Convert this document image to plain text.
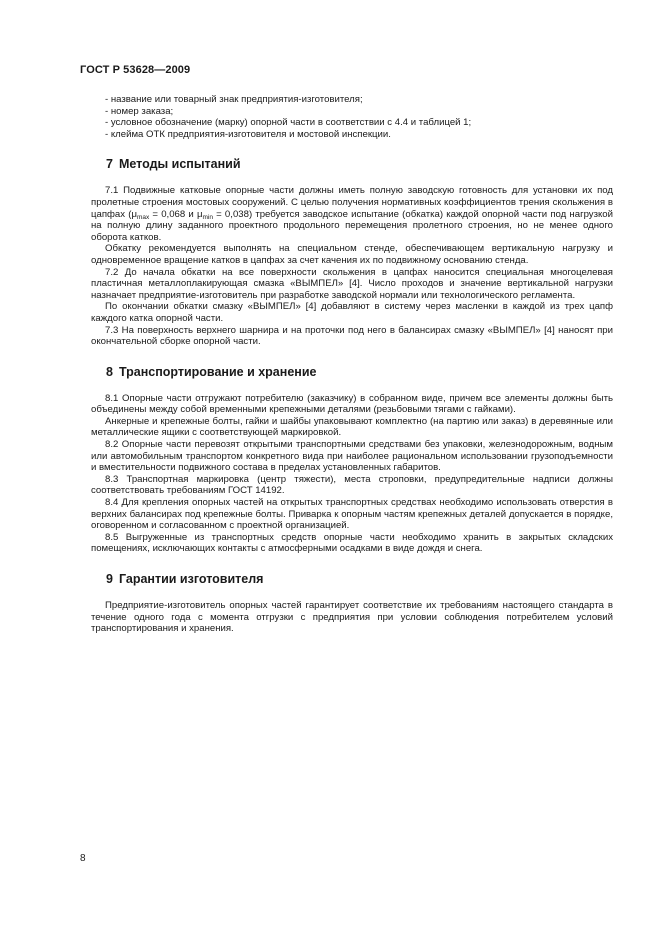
ГОСТ Р 53628—2009
- название или товарный знак предприятия-изготовителя;
- номер заказа;
- условное обозначение (марку) опорной части в соответствии с 4.4 и таблицей 1;
- клейма ОТК предприятия-изготовителя и мостовой инспекции.
7 Методы испытаний

7.1 Подвижные катковые опорные части должны иметь полную заводскую готовность для установки их под пролетные строения мостовых сооружений. С целью получения нормативных коэффициентов трения скольжения в цапфах ($\mu_{max} = 0,068$ и $\mu_{min} = 0,038$) требуется заводское испытание (обкатка) каждой опорной части под нагрузкой на полную длину заданного проектного продольного перемещения пролетного строения, но не менее одного оборота катков.

Обкатку рекомендуется выполнять на специальном стенде, обеспечивающем вертикальную нагрузку и одновременное вращение катков в цапфах за счет качения их по подвижному основанию стенда.

7.2 До начала обкатки на все поверхности скольжения в цапфах наносится специальная многоцелевая пластичная металлоплакирующая смазка «ВЫМПЕЛ» [4]. Число проходов и значение вертикальной нагрузки назначает предприятие-изготовитель при разработке заводской нормали или технологического регламента.

По окончании обкатки смазку «ВЫМПЕЛ» [4] добавляют в систему через масленки в каждой из трех цапф каждого катка опорной части.

7.3 На поверхность верхнего шарнира и на проточки под него в балансирах смазку «ВЫМПЕЛ» [4] наносят при окончательной сборке опорной части.

8 Транспортирование и хранение

8.1 Опорные части отгружают потребителю (заказчику) в собранном виде, причем все элементы должны быть объединены между собой временными крепежными деталями (резьбовыми тягами с гайками).

Анкерные и крепежные болты, гайки и шайбы упаковывают комплектно (на партию или заказ) в деревянные или металлические ящики с соответствующей маркировкой.

8.2 Опорные части перевозят открытыми транспортными средствами без упаковки, железнодорожным, водным или автомобильным транспортом конкретного вида при наиболее рациональном использовании грузоподъемности и вместительности подвижного состава в пределах установленных габаритов.

8.3 Транспортная маркировка (центр тяжести), места строповки, предупредительные надписи должны соответствовать требованиям ГОСТ 14192.

8.4 Для крепления опорных частей на открытых транспортных средствах необходимо использовать отверстия в верхних балансирах под крепежные болты. Приварка к опорным частям крепежных деталей допускается в порядке, оговоренном и согласованном с проектной организацией.

8.5 Выгруженные из транспортных средств опорные части необходимо хранить в закрытых складских помещениях, исключающих контакты с атмосферными осадками в виде дождя и снега.

9 Гарантии изготовителя

Предприятие-изготовитель опорных частей гарантирует соответствие их требованиям настоящего стандарта в течение одного года с момента отгрузки с предприятия при условии соблюдения потребителем условий транспортирования и хранения.

8
